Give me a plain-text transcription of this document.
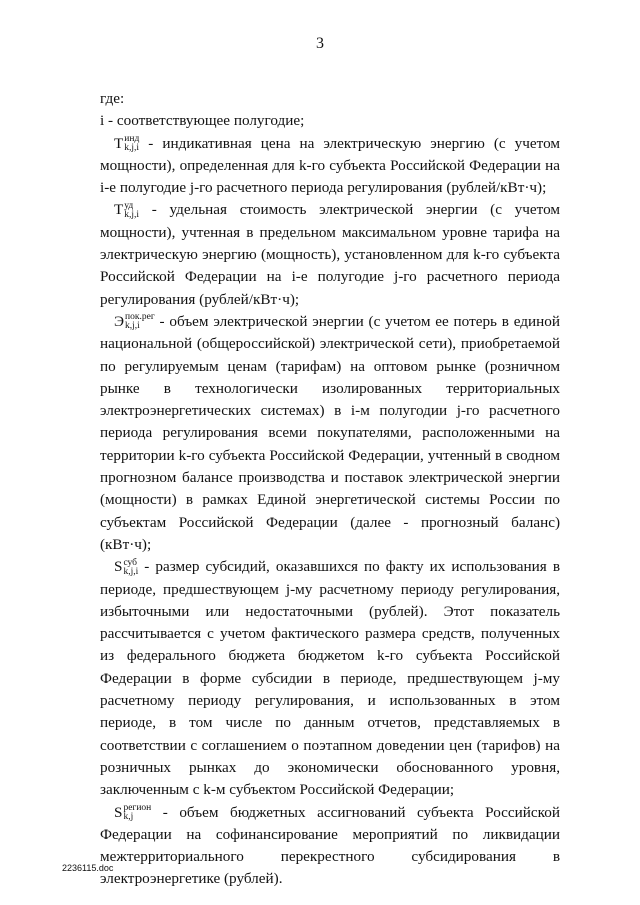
3

где:

i - соответствующее полугодие;

Т инд
k,j,i - индикативная цена на электрическую энергию (с учетом мощности), определенная для k-го субъекта Российской Федерации на i-е полугодие j-го расчетного периода регулирования (рублей/кВт·ч);

Т уд
k,j,i - удельная стоимость электрической энергии (с учетом мощности), учтенная в предельном максимальном уровне тарифа на электрическую энергию (мощность), установленном для k-го субъекта Российской Федерации на i-е полугодие j-го расчетного периода регулирования (рублей/кВт·ч);

Э пок.рег
k,j,i - объем электрической энергии (с учетом ее потерь в единой национальной (общероссийской) электрической сети), приобретаемой по регулируемым ценам (тарифам) на оптовом рынке (розничном рынке в технологически изолированных территориальных электроэнергетических системах) в i-м полугодии j-го расчетного периода регулирования всеми покупателями, расположенными на территории k-го субъекта Российской Федерации, учтенный в сводном прогнозном балансе производства и поставок электрической энергии (мощности) в рамках Единой энергетической системы России по субъектам Российской Федерации (далее - прогнозный баланс) (кВт·ч);

S суб
k,j,i - размер субсидий, оказавшихся по факту их использования в периоде, предшествующем j-му расчетному периоду регулирования, избыточными или недостаточными (рублей). Этот показатель рассчитывается с учетом фактического размера средств, полученных из федерального бюджета бюджетом k-го субъекта Российской Федерации в форме субсидии в периоде, предшествующем j-му расчетному периоду регулирования, и использованных в этом периоде, в том числе по данным отчетов, представляемых в соответствии с соглашением о поэтапном доведении цен (тарифов) на розничных рынках до экономически обоснованного уровня, заключенным с k-м субъектом Российской Федерации;

S регион
k,j	- объем бюджетных ассигнований субъекта Российской Федерации на софинансирование мероприятий по ликвидации межтерриториального перекрестного субсидирования в электроэнергетике (рублей).

2236115.doc
